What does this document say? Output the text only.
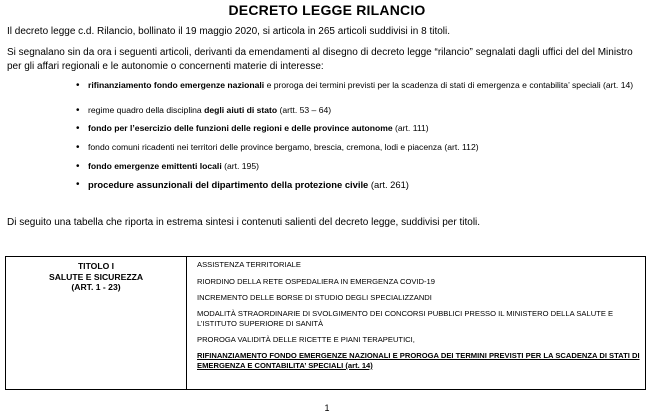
DECRETO LEGGE RILANCIO
Il decreto legge c.d. Rilancio, bollinato il 19 maggio 2020, si articola in 265 articoli suddivisi in 8 titoli.
Si segnalano sin da ora i seguenti articoli, derivanti da emendamenti al disegno di decreto legge “rilancio” segnalati dagli uffici del del Ministro per gli affari regionali e le autonomie o concernenti materie di interesse:
• rifinanziamento fondo emergenze nazionali e proroga dei termini previsti per la scadenza di stati di emergenza e contabilita’ speciali (art. 14)
• regime quadro della disciplina degli aiuti di stato (artt. 53 – 64)
• fondo per l’esercizio delle funzioni delle regioni e delle province autonome (art. 111)
• fondo comuni ricadenti nei territori delle province bergamo, brescia, cremona, lodi e piacenza (art. 112)
• fondo emergenze emittenti locali (art. 195)
• procedure assunzionali del dipartimento della protezione civile (art. 261)
Di seguito una tabella che riporta in estrema sintesi i contenuti salienti del decreto legge, suddivisi per titoli.
TITOLO I
SALUTE E SICUREZZA
(ART. 1 - 23)
ASSISTENZA TERRITORIALE
RIORDINO DELLA RETE OSPEDALIERA IN EMERGENZA COVID-19
INCREMENTO DELLE BORSE DI STUDIO DEGLI SPECIALIZZANDI
MODALITÀ STRAORDINARIE DI SVOLGIMENTO DEI CONCORSI PUBBLICI PRESSO IL MINISTERO DELLA SALUTE E L’ISTITUTO SUPERIORE DI SANITÀ
PROROGA VALIDITÀ DELLE RICETTE E PIANI TERAPEUTICI,
RIFINANZIAMENTO FONDO EMERGENZE NAZIONALI E PROROGA DEI TERMINI PREVISTI PER LA SCADENZA DI STATI DI EMERGENZA E CONTABILITA’ SPECIALI (art. 14)
1
